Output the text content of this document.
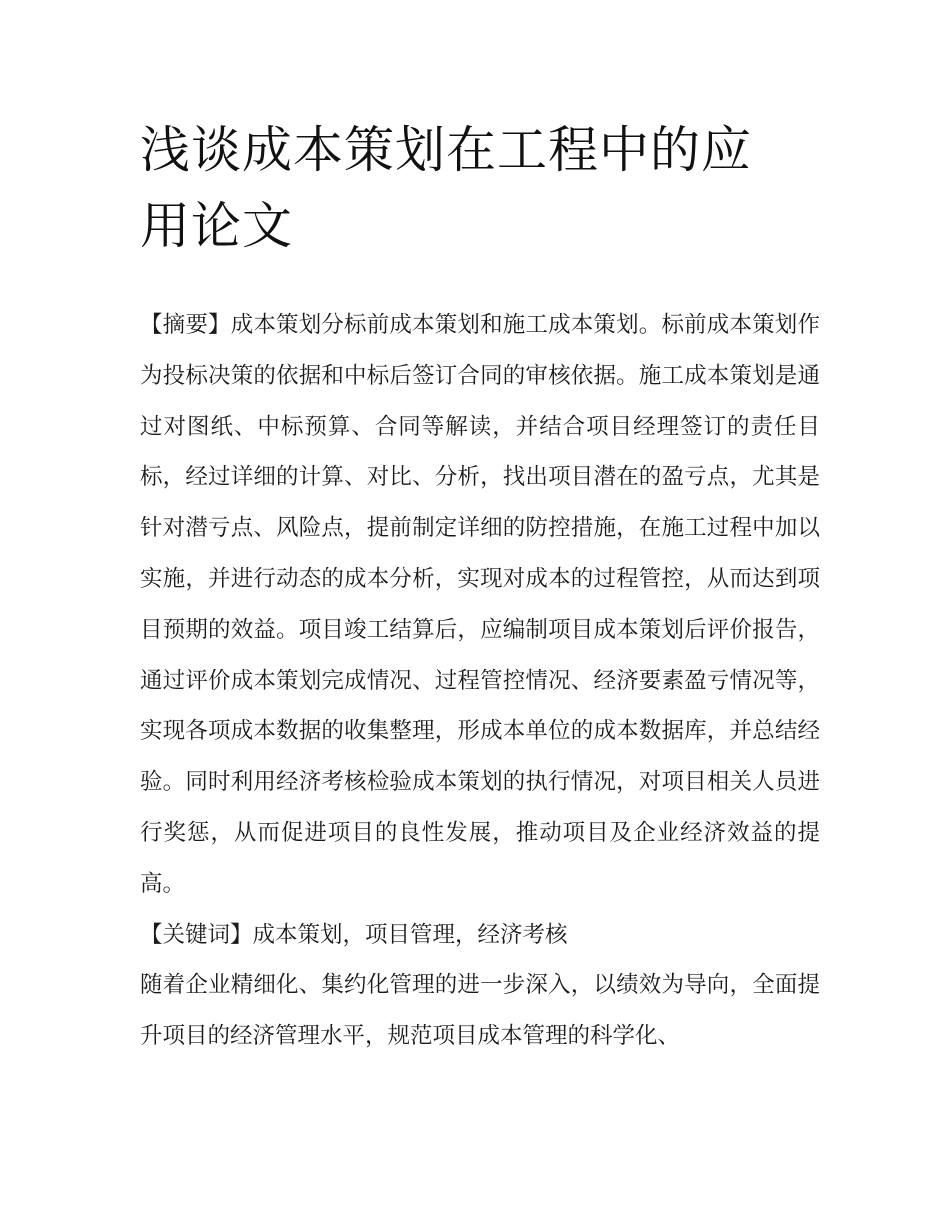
浅谈成本策划在工程中的应用论文

【摘要】成本策划分标前成本策划和施工成本策划。标前成本策划作为投标决策的依据和中标后签订合同的审核依据。施工成本策划是通过对图纸、中标预算、合同等解读，并结合项目经理签订的责任目标，经过详细的计算、对比、分析，找出项目潜在的盈亏点，尤其是针对潜亏点、风险点，提前制定详细的防控措施，在施工过程中加以实施，并进行动态的成本分析，实现对成本的过程管控，从而达到项目预期的效益。项目竣工结算后，应编制项目成本策划后评价报告，通过评价成本策划完成情况、过程管控情况、经济要素盈亏情况等，实现各项成本数据的收集整理，形成本单位的成本数据库，并总结经验。同时利用经济考核检验成本策划的执行情况，对项目相关人员进行奖惩，从而促进项目的良性发展，推动项目及企业经济效益的提高。

【关键词】成本策划，项目管理，经济考核

随着企业精细化、集约化管理的进一步深入，以绩效为导向，全面提升项目的经济管理水平，规范项目成本管理的科学化、
